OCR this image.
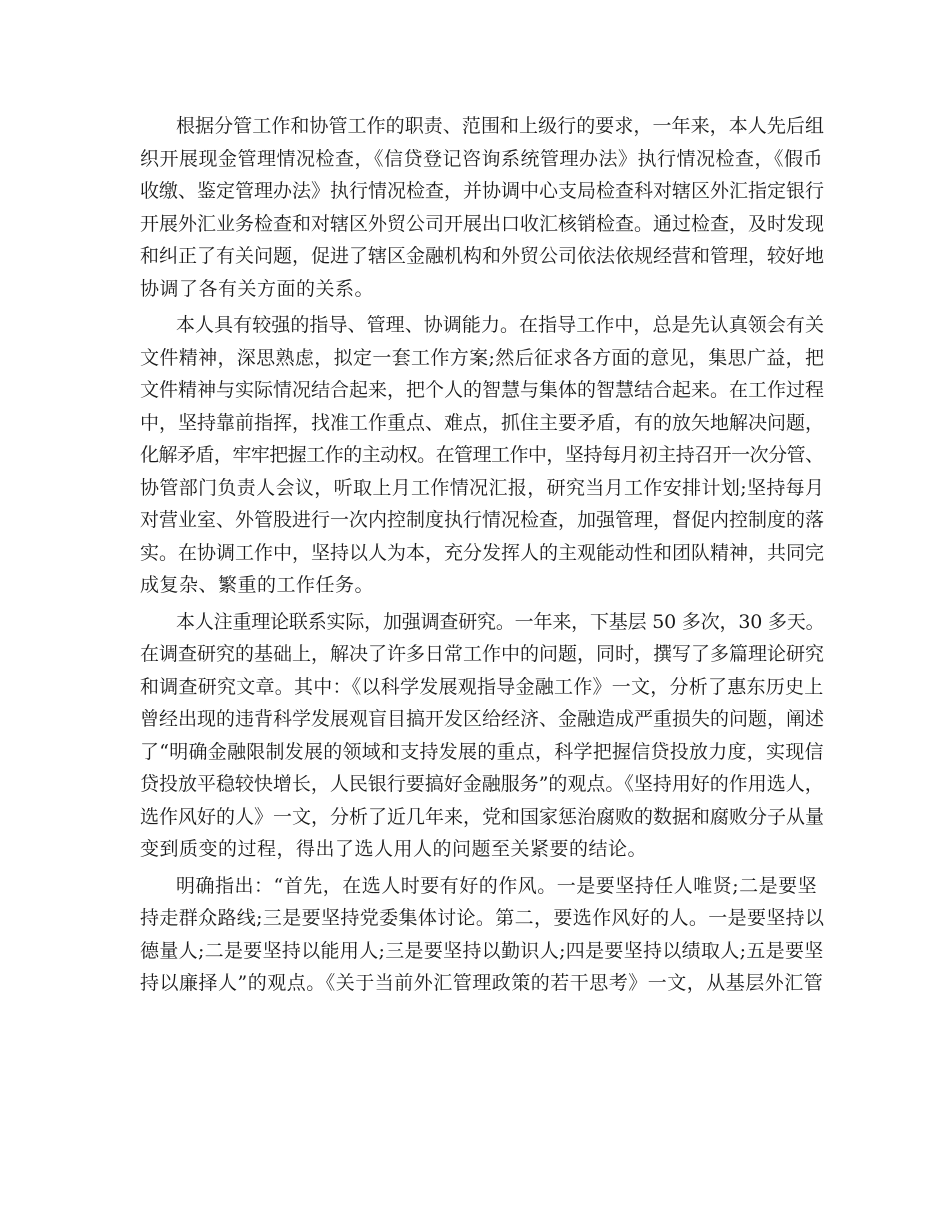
根据分管工作和协管工作的职责、范围和上级行的要求，一年来，本人先后组
织开展现金管理情况检查，《信贷登记咨询系统管理办法》执行情况检查，《假币
收缴、鉴定管理办法》执行情况检查，并协调中心支局检查科对辖区外汇指定银行
开展外汇业务检查和对辖区外贸公司开展出口收汇核销检查。通过检查，及时发现
和纠正了有关问题，促进了辖区金融机构和外贸公司依法依规经营和管理，较好地
协调了各有关方面的关系。

本人具有较强的指导、管理、协调能力。在指导工作中，总是先认真领会有关
文件精神，深思熟虑，拟定一套工作方案;然后征求各方面的意见，集思广益，把
文件精神与实际情况结合起来，把个人的智慧与集体的智慧结合起来。在工作过程
中，坚持靠前指挥，找准工作重点、难点，抓住主要矛盾，有的放矢地解决问题，
化解矛盾，牢牢把握工作的主动权。在管理工作中，坚持每月初主持召开一次分管、
协管部门负责人会议，听取上月工作情况汇报，研究当月工作安排计划;坚持每月
对营业室、外管股进行一次内控制度执行情况检查，加强管理，督促内控制度的落
实。在协调工作中，坚持以人为本，充分发挥人的主观能动性和团队精神，共同完
成复杂、繁重的工作任务。

本人注重理论联系实际，加强调查研究。一年来，下基层 50 多次，30 多天。
在调查研究的基础上，解决了许多日常工作中的问题，同时，撰写了多篇理论研究
和调查研究文章。其中：《以科学发展观指导金融工作》一文，分析了惠东历史上
曾经出现的违背科学发展观盲目搞开发区给经济、金融造成严重损失的问题，阐述
了“明确金融限制发展的领域和支持发展的重点，科学把握信贷投放力度，实现信
贷投放平稳较快增长，人民银行要搞好金融服务”的观点。《坚持用好的作用选人，
选作风好的人》一文，分析了近几年来，党和国家惩治腐败的数据和腐败分子从量
变到质变的过程，得出了选人用人的问题至关紧要的结论。

明确指出：“首先，在选人时要有好的作风。一是要坚持任人唯贤;二是要坚
持走群众路线;三是要坚持党委集体讨论。第二，要选作风好的人。一是要坚持以
德量人;二是要坚持以能用人;三是要坚持以勤识人;四是要坚持以绩取人;五是要坚
持以廉择人”的观点。《关于当前外汇管理政策的若干思考》一文，从基层外汇管
